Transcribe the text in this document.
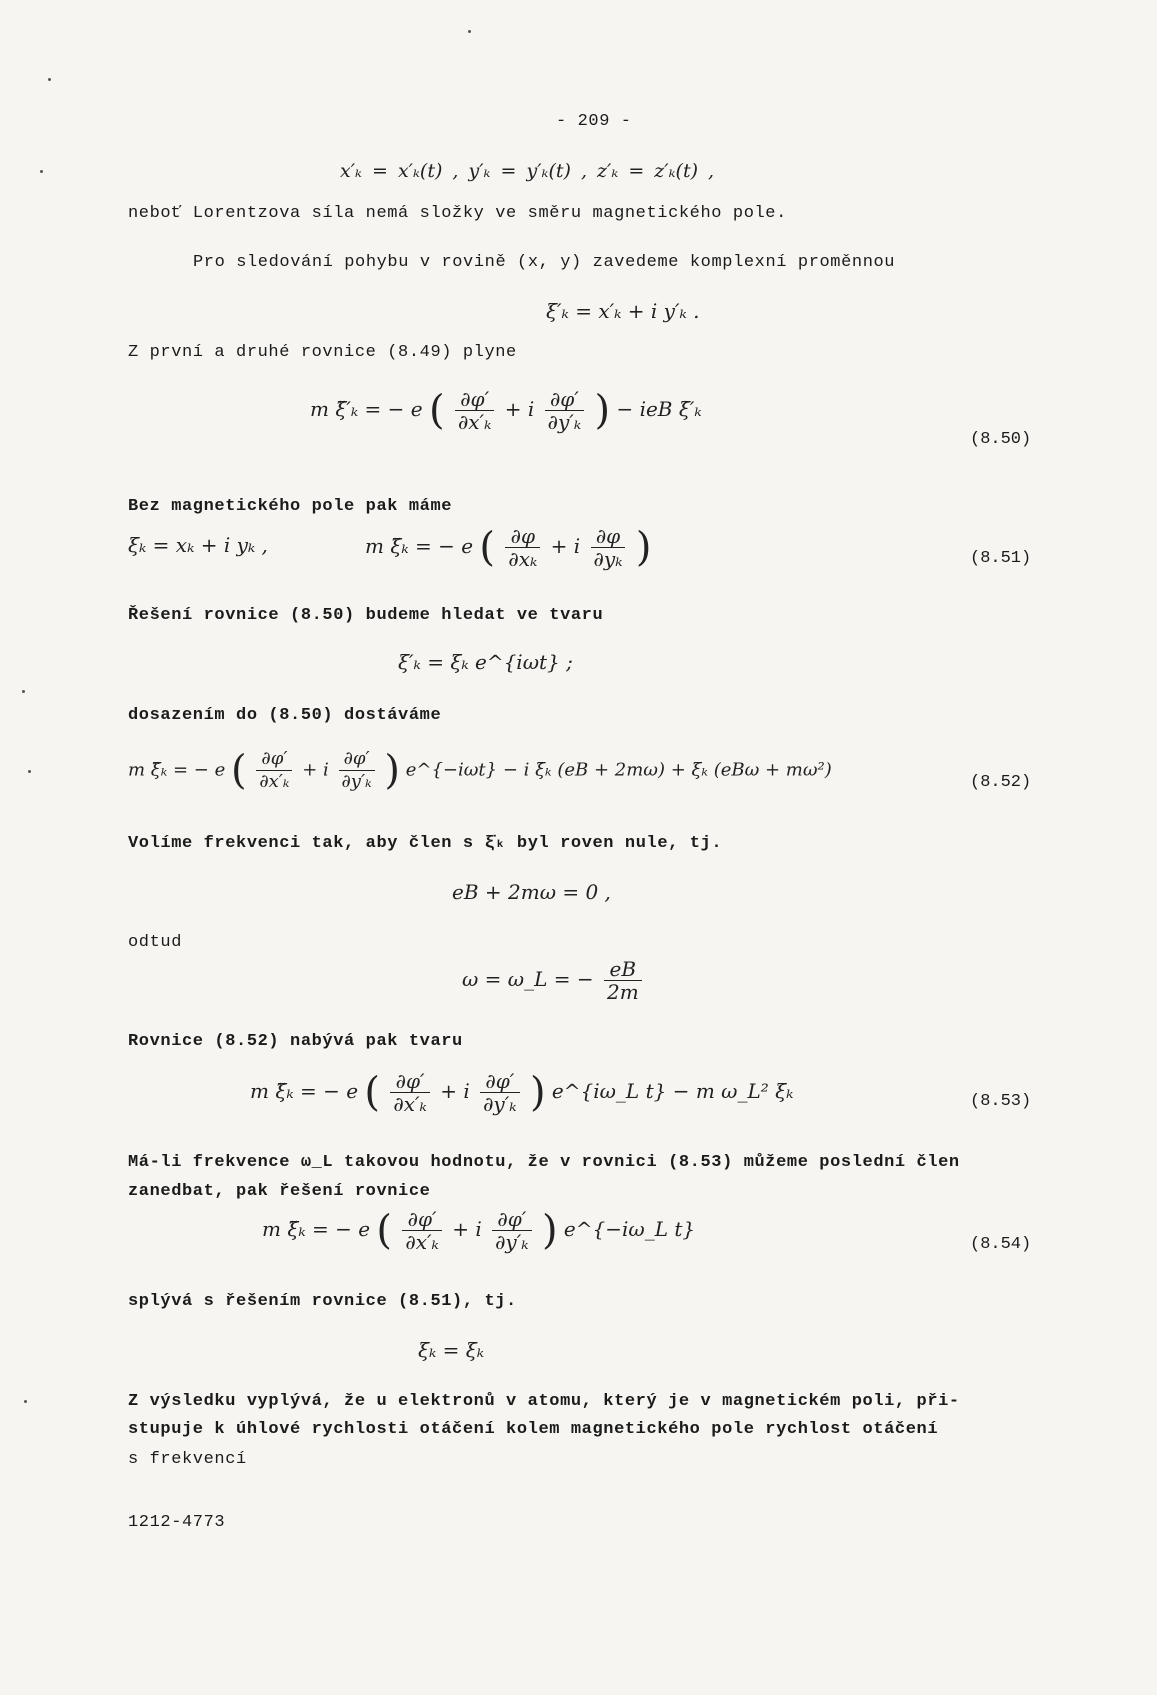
- 209 -
x′ₖ = x′ₖ(t) , y′ₖ = y′ₖ(t) , z′ₖ = z′ₖ(t) ,
neboť Lorentzova síla nemá složky ve směru magnetického pole.
Pro sledování pohybu v rovině (x, y) zavedeme komplexní proměnnou
ξ′ₖ = x′ₖ + i y′ₖ .
Z první a druhé rovnice (8.49) plyne
m ξ̈′ₖ = − e ( $\frac{\partial\varphi'}{\text{∂x′ₖ}} + i \frac{\partial\varphi'}{\text{∂y′ₖ}}$ ) − ieB ξ̇′ₖ
(8.50)
Bez magnetického pole pak máme
ξₖ = xₖ + i yₖ ,	m ξ̈ₖ = − e ( $\frac{\partial\varphi}{\text{∂xₖ}} + i \frac{\partial\varphi}{\text{∂yₖ}}$ )	(8.51)
Řešení rovnice (8.50) budeme hledat ve tvaru
ξ′ₖ = ξₖ e^{iωt} ;
dosazením do (8.50) dostáváme
m ξ̈ₖ = − e ( $\frac{\partial\varphi'}{\text{∂x′ₖ}} + i \frac{\partial\varphi'}{\text{∂y′ₖ}}$ ) e^{−iωt} − i ξ̇ₖ (eB + 2mω) + ξₖ (eBω + mω²)
(8.52)
Volíme frekvenci tak, aby člen s ξ̇ₖ byl roven nule, tj.
eB + 2mω = 0 ,
odtud
ω = ω_L = − $\frac{eB}{2m}$
Rovnice (8.52) nabývá pak tvaru
m ξ̈ₖ = − e ( $\frac{\partial\varphi'}{\text{∂x′ₖ}} + i \frac{\partial\varphi'}{\text{∂y′ₖ}}$ ) e^{iω_L t} − m ω_L² ξₖ	(8.53)
Má-li frekvence ω_L takovou hodnotu, že v rovnici (8.53) můžeme poslední člen
zanedbat, pak řešení rovnice
m ξ̈ₖ = − e ( $\frac{\partial\varphi'}{\text{∂x′ₖ}} + i \frac{\partial\varphi'}{\text{∂y′ₖ}}$ ) e^{−iω_L t}
(8.54)
splývá s řešením rovnice (8.51), tj.
ξₖ = ξₖ
Z výsledku vyplývá, že u elektronů v atomu, který je v magnetickém poli, při-
stupuje k úhlové rychlosti otáčení kolem magnetického pole rychlost otáčení
s frekvencí
1212-4773
